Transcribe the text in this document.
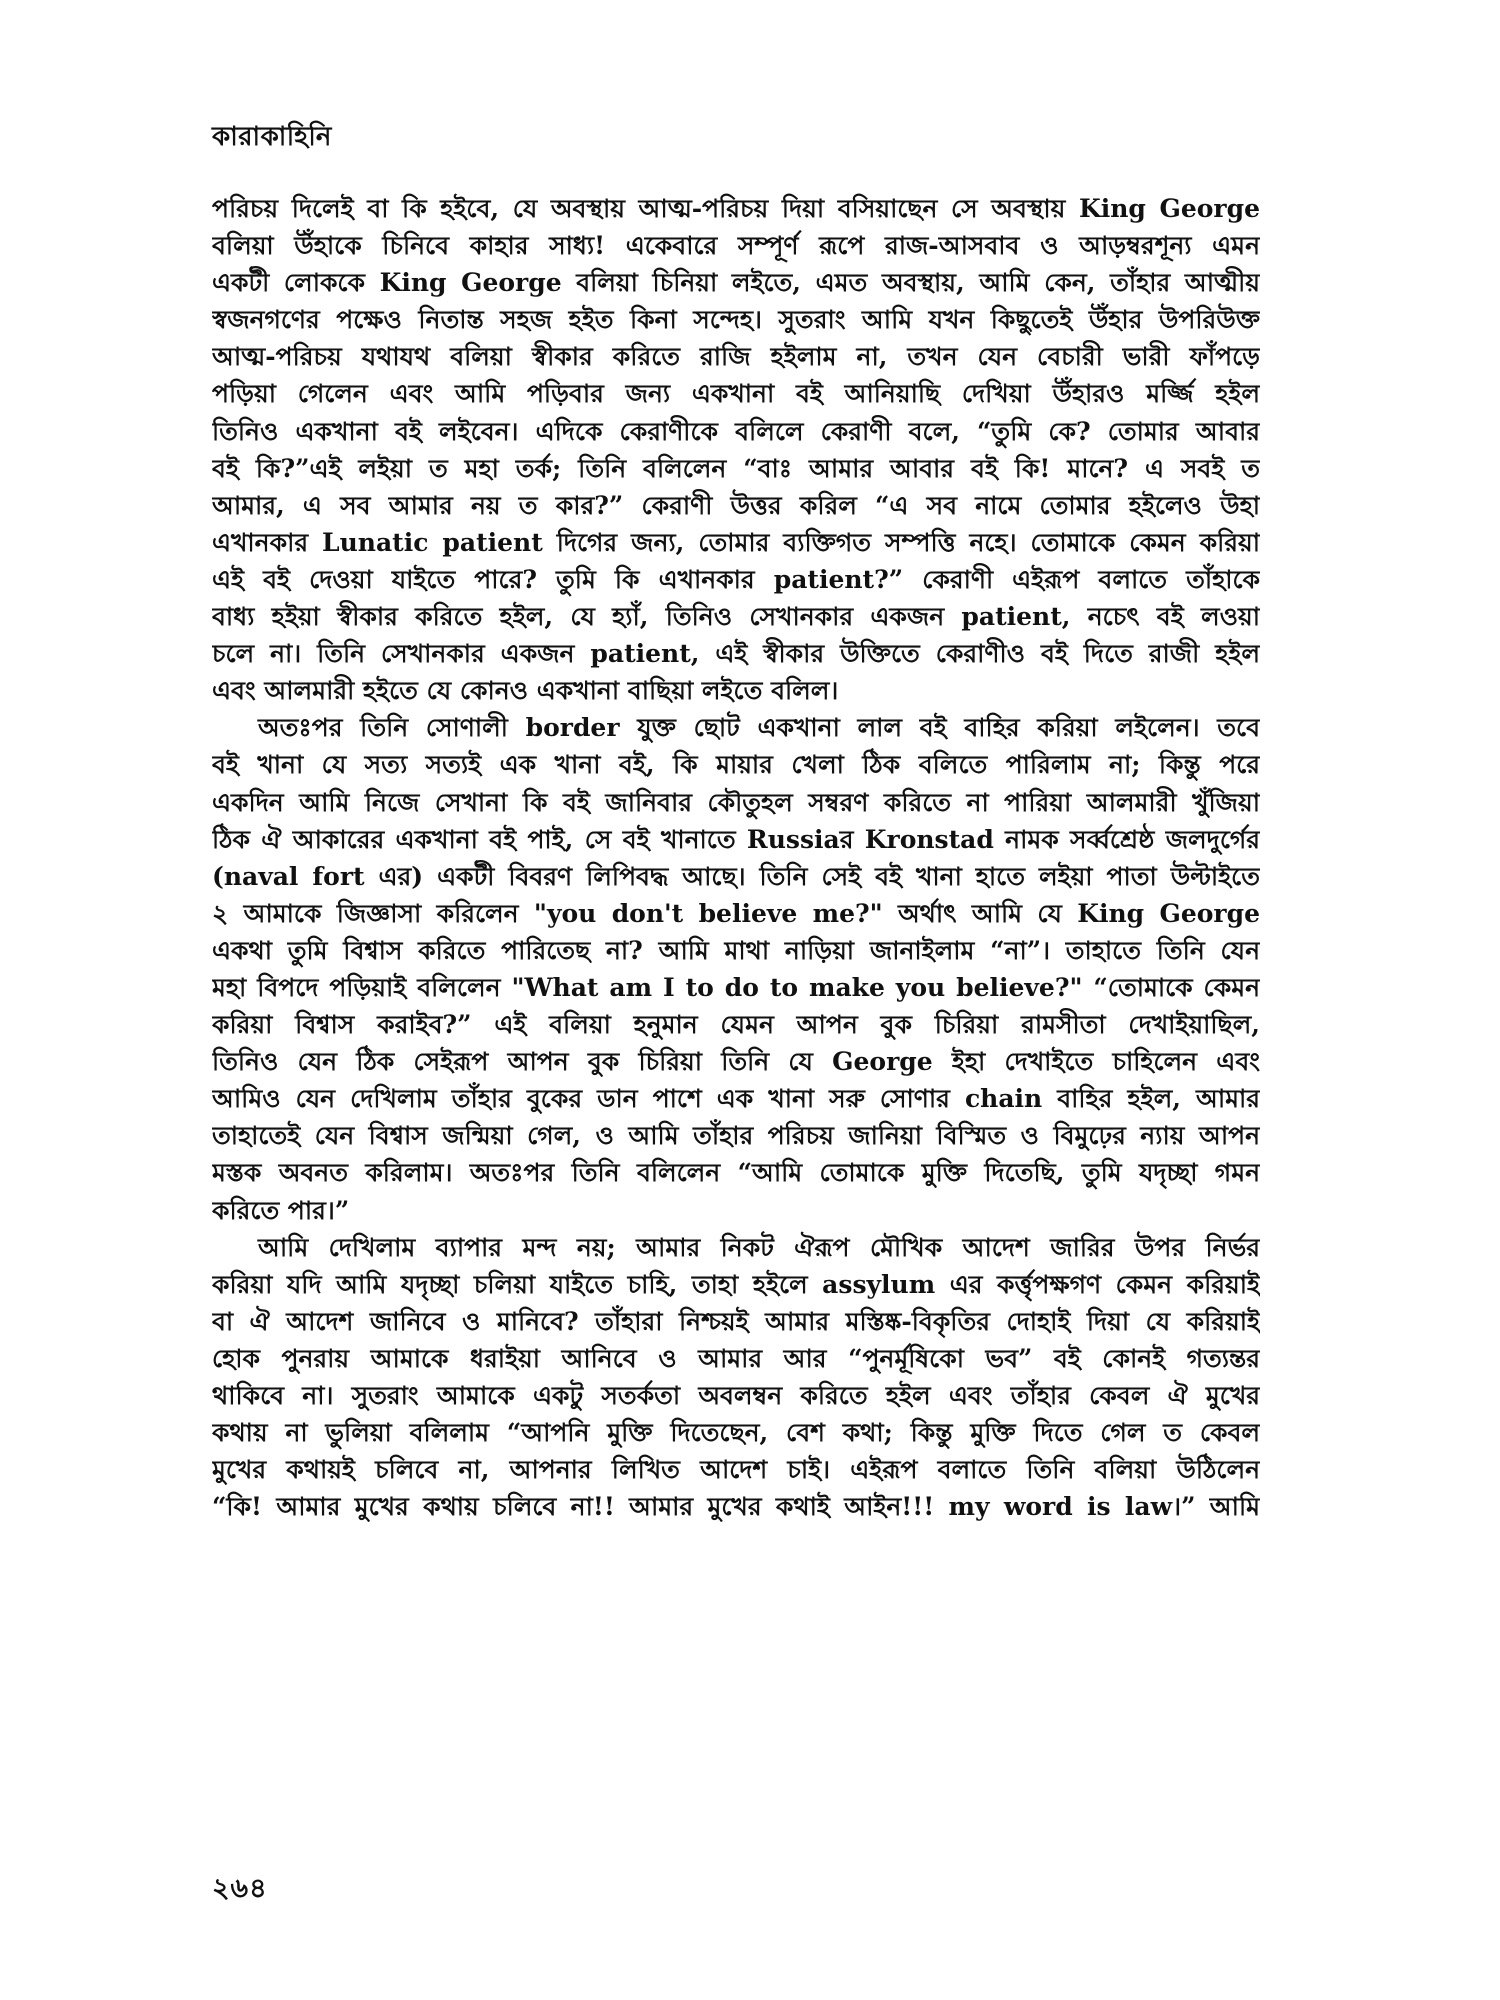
কারাকাহিনি
পরিচয় দিলেই বা কি হইবে, যে অবস্থায় আত্ম-পরিচয় দিয়া বসিয়াছেন সে অবস্থায় King George
বলিয়া উঁহাকে চিনিবে কাহার সাধ্য! একেবারে সম্পূর্ণ রূপে রাজ-আসবাব ও আড়ম্বরশূন্য এমন
একটী লোককে King George বলিয়া চিনিয়া লইতে, এমত অবস্থায়, আমি কেন, তাঁহার আত্মীয়
স্বজনগণের পক্ষেও নিতান্ত সহজ হইত কিনা সন্দেহ। সুতরাং আমি যখন কিছুতেই উঁহার উপরিউক্ত
আত্ম-পরিচয় যথাযথ বলিয়া স্বীকার করিতে রাজি হইলাম না, তখন যেন বেচারী ভারী ফাঁপড়ে
পড়িয়া গেলেন এবং আমি পড়িবার জন্য একখানা বই আনিয়াছি দেখিয়া উঁহারও মর্জ্জি হইল
তিনিও একখানা বই লইবেন। এদিকে কেরাণীকে বলিলে কেরাণী বলে, “তুমি কে? তোমার আবার
বই কি?”এই লইয়া ত মহা তর্ক; তিনি বলিলেন “বাঃ আমার আবার বই কি! মানে? এ সবই ত
আমার, এ সব আমার নয় ত কার?” কেরাণী উত্তর করিল “এ সব নামে তোমার হইলেও উহা
এখানকার Lunatic patient দিগের জন্য, তোমার ব্যক্তিগত সম্পত্তি নহে। তোমাকে কেমন করিয়া
এই বই দেওয়া যাইতে পারে? তুমি কি এখানকার patient?” কেরাণী এইরূপ বলাতে তাঁহাকে
বাধ্য হইয়া স্বীকার করিতে হইল, যে হ্যাঁ, তিনিও সেখানকার একজন patient, নচেৎ বই লওয়া
চলে না। তিনি সেখানকার একজন patient, এই স্বীকার উক্তিতে কেরাণীও বই দিতে রাজী হইল
এবং আলমারী হইতে যে কোনও একখানা বাছিয়া লইতে বলিল।
অতঃপর তিনি সোণালী border যুক্ত ছোট একখানা লাল বই বাহির করিয়া লইলেন। তবে
বই খানা যে সত্য সত্যই এক খানা বই, কি মায়ার খেলা ঠিক বলিতে পারিলাম না; কিন্তু পরে
একদিন আমি নিজে সেখানা কি বই জানিবার কৌতুহল সম্বরণ করিতে না পারিয়া আলমারী খুঁজিয়া
ঠিক ঐ আকারের একখানা বই পাই, সে বই খানাতে Russiaর Kronstad নামক সর্ব্বশ্রেষ্ঠ জলদুর্গের
(naval fort এর) একটী বিবরণ লিপিবদ্ধ আছে। তিনি সেই বই খানা হাতে লইয়া পাতা উল্টাইতে
২ আমাকে জিজ্ঞাসা করিলেন "you don't believe me?" অর্থাৎ আমি যে King George
একথা তুমি বিশ্বাস করিতে পারিতেছ না? আমি মাথা নাড়িয়া জানাইলাম “না”। তাহাতে তিনি যেন
মহা বিপদে পড়িয়াই বলিলেন "What am I to do to make you believe?" “তোমাকে কেমন
করিয়া বিশ্বাস করাইব?” এই বলিয়া হনুমান যেমন আপন বুক চিরিয়া রামসীতা দেখাইয়াছিল,
তিনিও যেন ঠিক সেইরূপ আপন বুক চিরিয়া তিনি যে George ইহা দেখাইতে চাহিলেন এবং
আমিও যেন দেখিলাম তাঁহার বুকের ডান পাশে এক খানা সরু সোণার chain বাহির হইল, আমার
তাহাতেই যেন বিশ্বাস জন্মিয়া গেল, ও আমি তাঁহার পরিচয় জানিয়া বিস্মিত ও বিমুঢ়ের ন্যায় আপন
মস্তক অবনত করিলাম। অতঃপর তিনি বলিলেন “আমি তোমাকে মুক্তি দিতেছি, তুমি যদৃচ্ছা গমন
করিতে পার।”
আমি দেখিলাম ব্যাপার মন্দ নয়; আমার নিকট ঐরূপ মৌখিক আদেশ জারির উপর নির্ভর
করিয়া যদি আমি যদৃচ্ছা চলিয়া যাইতে চাহি, তাহা হইলে assylum এর কর্ত্তৃপক্ষগণ কেমন করিয়াই
বা ঐ আদেশ জানিবে ও মানিবে? তাঁহারা নিশ্চয়ই আমার মস্তিষ্ক-বিকৃতির দোহাই দিয়া যে করিয়াই
হোক পুনরায় আমাকে ধরাইয়া আনিবে ও আমার আর “পুনর্মূষিকো ভব” বই কোনই গত্যন্তর
থাকিবে না। সুতরাং আমাকে একটু সতর্কতা অবলম্বন করিতে হইল এবং তাঁহার কেবল ঐ মুখের
কথায় না ভুলিয়া বলিলাম “আপনি মুক্তি দিতেছেন, বেশ কথা; কিন্তু মুক্তি দিতে গেল ত কেবল
মুখের কথায়ই চলিবে না, আপনার লিখিত আদেশ চাই। এইরূপ বলাতে তিনি বলিয়া উঠিলেন
“কি! আমার মুখের কথায় চলিবে না!! আমার মুখের কথাই আইন!!! my word is law।” আমি
২৬৪
